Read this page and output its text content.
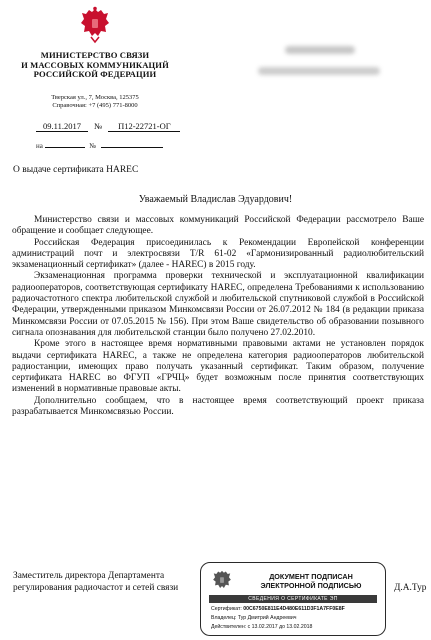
МИНИСТЕРСТВО СВЯЗИ
И МАССОВЫХ КОММУНИКАЦИЙ
РОССИЙСКОЙ ФЕДЕРАЦИИ
Тверская ул., 7, Москва, 125375
Справочная: +7 (495) 771-8000
09.11.2017 № П12-22721-ОГ
на	№
О выдаче сертификата HAREC
Уважаемый Владислав Эдуардович!

Министерство связи и массовых коммуникаций Российской Федерации рассмотрело Ваше обращение и сообщает следующее.

Российская Федерация присоединилась к Рекомендации Европейской конференции администраций почт и электросвязи T/R 61-02 «Гармонизированный радиолюбительский экзаменационный сертификат» (далее - HAREC) в 2015 году.

Экзаменационная программа проверки технической и эксплуатационной квалификации радиооператоров, соответствующая сертификату HAREC, определена Требованиями к использованию радиочастотного спектра любительской службой и любительской спутниковой службой в Российской Федерации, утвержденными приказом Минкомсвязи России от 26.07.2012 № 184 (в редакции приказа Минкомсвязи России от 07.05.2015 № 156). При этом Ваше свидетельство об образовании позывного сигнала опознавания для любительской станции было получено 27.02.2010.

Кроме этого в настоящее время нормативными правовыми актами не установлен порядок выдачи сертификата HAREC, а также не определена категория радиооператоров любительской радиостанции, имеющих право получать указанный сертификат. Таким образом, получение сертификата HAREC во ФГУП «ГРЧЦ» будет возможным после принятия соответствующих изменений в нормативные правовые акты.

Дополнительно сообщаем, что в настоящее время соответствующий проект приказа разрабатывается Минкомсвязью России.

Заместитель директора Департамента
регулирования радиочастот и сетей связи
ДОКУМЕНТ ПОДПИСАН
ЭЛЕКТРОННОЙ ПОДПИСЬЮ
СВЕДЕНИЯ О СЕРТИФИКАТЕ ЭП
Сертификат: 00C6750E811E4D480E611D3F1A7FF0E8F
Владелец: Тур Дмитрий Андреевич
Действителен: с 13.02.2017 до 13.02.2018
Д.А.Тур
